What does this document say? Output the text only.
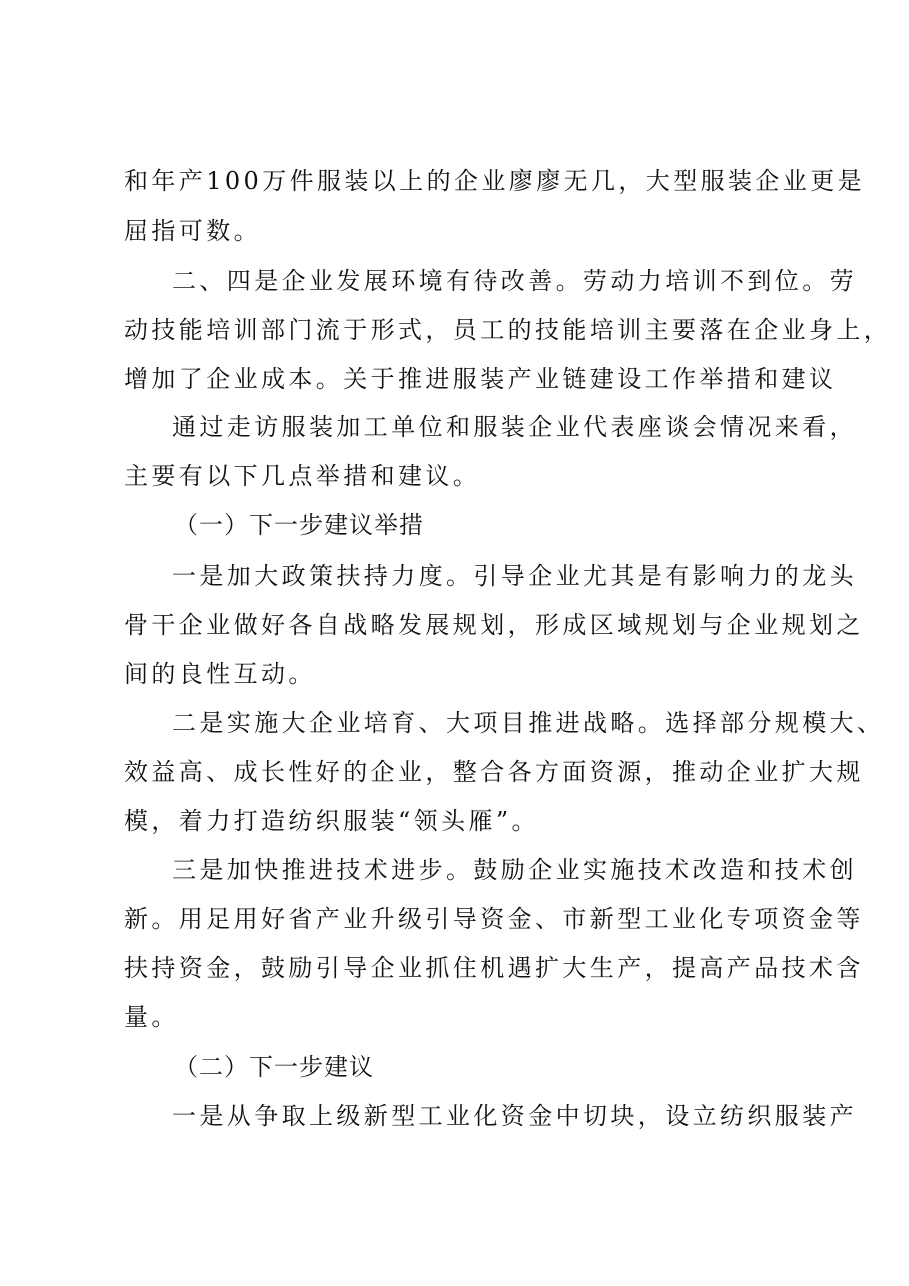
和年产100万件服装以上的企业廖廖无几，大型服装企业更是
屈指可数。
二、四是企业发展环境有待改善。劳动力培训不到位。劳
动技能培训部门流于形式，员工的技能培训主要落在企业身上，
增加了企业成本。关于推进服装产业链建设工作举措和建议
通过走访服装加工单位和服装企业代表座谈会情况来看，
主要有以下几点举措和建议。
（一）下一步建议举措
一是加大政策扶持力度。引导企业尤其是有影响力的龙头
骨干企业做好各自战略发展规划，形成区域规划与企业规划之
间的良性互动。
二是实施大企业培育、大项目推进战略。选择部分规模大、
效益高、成长性好的企业，整合各方面资源，推动企业扩大规
模，着力打造纺织服装“领头雁”。
三是加快推进技术进步。鼓励企业实施技术改造和技术创
新。用足用好省产业升级引导资金、市新型工业化专项资金等
扶持资金，鼓励引导企业抓住机遇扩大生产，提高产品技术含
量。
（二）下一步建议
一是从争取上级新型工业化资金中切块，设立纺织服装产
